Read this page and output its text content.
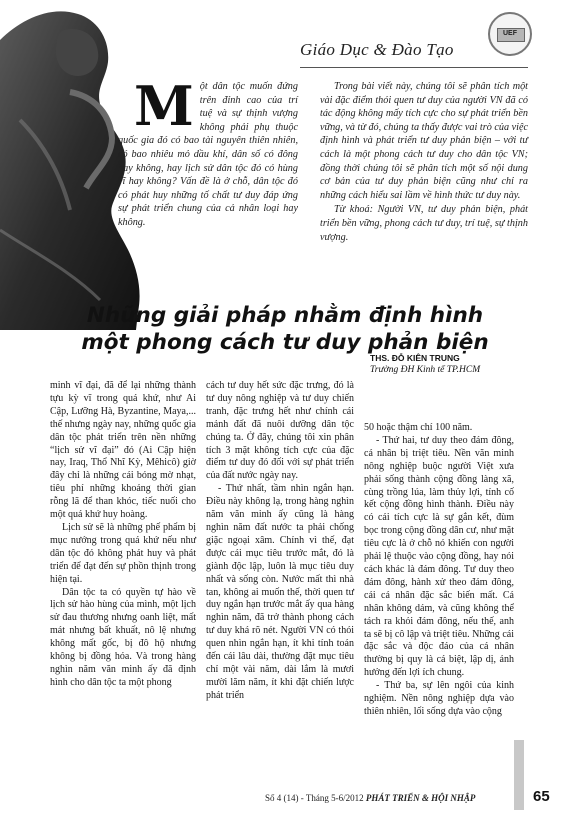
UEF
Giáo Dục & Đào Tạo
Một dân tộc muốn đứng trên đỉnh cao của trí tuệ và sự thịnh vượng không phải phụ thuộc quốc gia đó có bao tài nguyên thiên nhiên, có bao nhiêu mỏ dầu khí, dân số có đông hay không, hay lịch sử dân tộc đó có hùng vĩ hay không? Vấn đề là ở chỗ, dân tộc đó có phát huy những tố chất tư duy đáp ứng sự phát triển chung của cả nhân loại hay không.

Trong bài viết này, chúng tôi sẽ phân tích một vài đặc điểm thói quen tư duy của người VN đã có tác động không mấy tích cực cho sự phát triển bền vững, và từ đó, chúng ta thấy được vai trò của việc định hình và phát triển tư duy phản biện – với tư cách là một phong cách tư duy cho dân tộc VN; đồng thời chúng tôi sẽ phân tích một số nội dung cơ bản của tư duy phản biện cũng như chỉ ra những cách hiểu sai lầm về hình thức tư duy này.

Từ khoá: Người VN, tư duy phản biện, phát triển bền vững, phong cách tư duy, trí tuệ, sự thịnh vượng.

Những giải pháp nhằm định hình
một phong cách tư duy phản biện
THS. ĐỖ KIÊN TRUNG
Trường ĐH Kinh tế TP.HCM

minh vĩ đại, đã để lại những thành tựu kỳ vĩ trong quá khứ, như Ai Cập, Lưỡng Hà, Byzantine, Maya,... thế nhưng ngày nay, những quốc gia dân tộc phát triển trên nền những “lịch sử vĩ đại” đó (Ai Cập hiện nay, Iraq, Thổ Nhĩ Kỳ, Mêhicô) giờ đây chỉ là những cái bóng mờ nhạt, tiêu phí những khoảng thời gian rỗng lã để than khóc, tiếc nuối cho một quá khứ huy hoàng.

Lịch sử sẽ là những phế phẩm bị mục nướng trong quá khứ nếu như dân tộc đó không phát huy và phát triển để đạt đến sự phồn thịnh trong hiện tại.

Dân tộc ta có quyền tự hào về lịch sử hào hùng của mình, một lịch sử đau thương nhưng oanh liệt, mất mát nhưng bất khuất, nô lệ nhưng không mất gốc, bị đô hộ nhưng không bị đồng hóa. Và trong hàng nghìn năm văn minh ấy đã định hình cho dân tộc ta một phong

cách tư duy hết sức đặc trưng, đó là tư duy nông nghiệp và tư duy chiến tranh, đặc trưng hết như chính cái mảnh đất đã nuôi dưỡng dân tộc chúng ta. Ở đây, chúng tôi xin phân tích 3 mặt không tích cực của đặc điểm tư duy đó đối với sự phát triển của đất nước ngày nay.

- Thứ nhất, tầm nhìn ngắn hạn. Điều này không lạ, trong hàng nghìn năm văn minh ấy cũng là hàng nghìn năm đất nước ta phải chống giặc ngoại xâm. Chính vì thế, đạt được cái mục tiêu trước mắt, đó là giành độc lập, luôn là mục tiêu duy nhất và sống còn. Nước mất thì nhà tan, không ai muốn thế, thời quen tư duy ngắn hạn trước mắt ấy qua hàng nghìn năm, đã trở thành phong cách tư duy khá rõ nét. Người VN có thói quen nhìn ngắn hạn, ít khi tính toán đến cái lâu dài, thường đặt mục tiêu chỉ một vài năm, dài lắm là mươi mười lăm năm, ít khi đặt chiến lược phát triển

50 hoặc thậm chí 100 năm.

- Thứ hai, tư duy theo đám đông, cá nhân bị triệt tiêu. Nền văn minh nông nghiệp buộc người Việt xưa phải sống thành cộng đồng làng xã, cùng trồng lúa, làm thủy lợi, tính cố kết cộng đồng hình thành. Điều này có cái tích cực là sự gắn kết, đùm bọc trong cộng đồng dân cư, như mặt tiêu cực là ở chỗ nó khiến con người phải lệ thuộc vào cộng đồng, hay nói cách khác là đám đông. Tư duy theo đám đông, hành xử theo đám đông, cái cá nhân đặc sắc biến mất. Cá nhân không dám, và cũng không thể tách ra khỏi đám đông, nếu thế, anh ta sẽ bị cô lập và triệt tiêu. Những cái đặc sắc và độc đáo của cá nhân thường bị quy là cá biệt, lập dị, ảnh hưởng đến lợi ích chung.

- Thứ ba, sự lên ngôi của kinh nghiệm. Nền nông nghiệp dựa vào thiên nhiên, lối sống dựa vào cộng

Số 4 (14) - Tháng 5-6/2012 PHÁT TRIỂN & HỘI NHẬP	65
